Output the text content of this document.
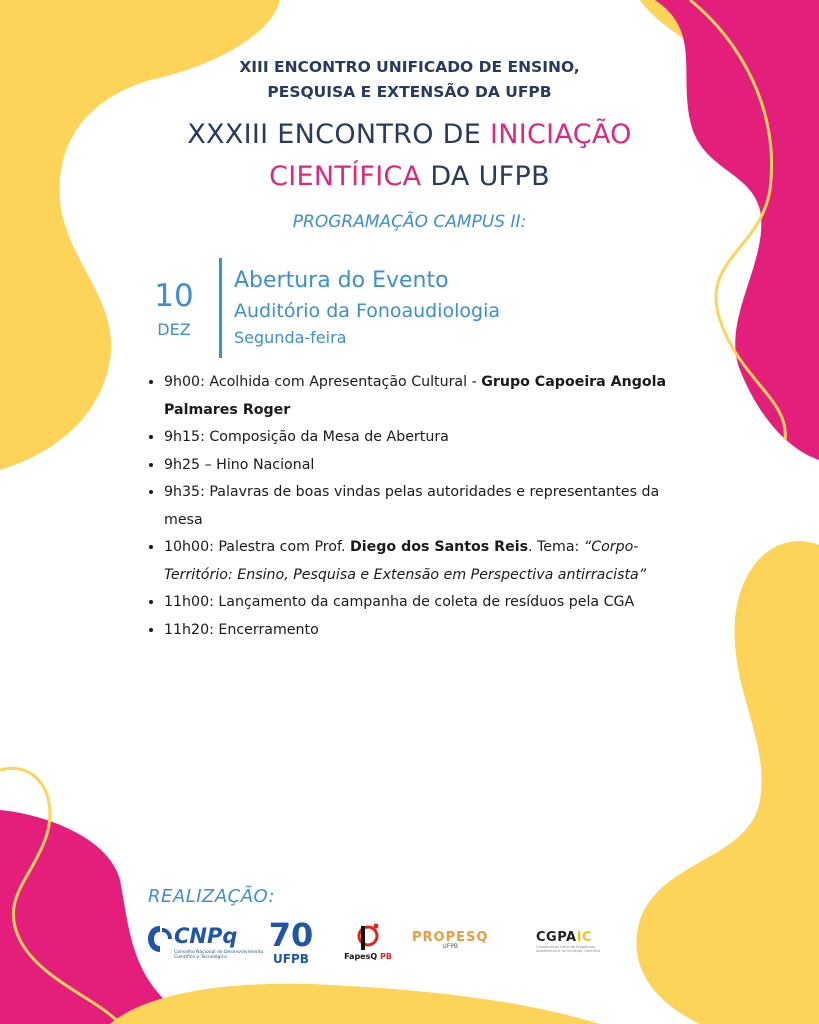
XIII ENCONTRO UNIFICADO DE ENSINO,
PESQUISA E EXTENSÃO DA UFPB
XXXIII ENCONTRO DE INICIAÇÃO
CIENTÍFICA DA UFPB
PROGRAMAÇÃO CAMPUS II:
10
DEZ
Abertura do Evento
Auditório da Fonoaudiologia
Segunda-feira
• 9h00: Acolhida com Apresentação Cultural - Grupo Capoeira Angola Palmares Roger
• 9h15: Composição da Mesa de Abertura
• 9h25 – Hino Nacional
• 9h35: Palavras de boas vindas pelas autoridades e representantes da mesa
• 10h00: Palestra com Prof. Diego dos Santos Reis. Tema: “Corpo-Território: Ensino, Pesquisa e Extensão em Perspectiva antirracista”
• 11h00: Lançamento da campanha de coleta de resíduos pela CGA
• 11h20: Encerramento
REALIZAÇÃO:
CNPq
Conselho Nacional de Desenvolvimento Científico e Tecnológico
70
UFPB	FapesQ PB
PROPESQ
UFPB
CGPAIC
Coordenação Geral de Programas Acadêmicos e de Iniciação Científica
